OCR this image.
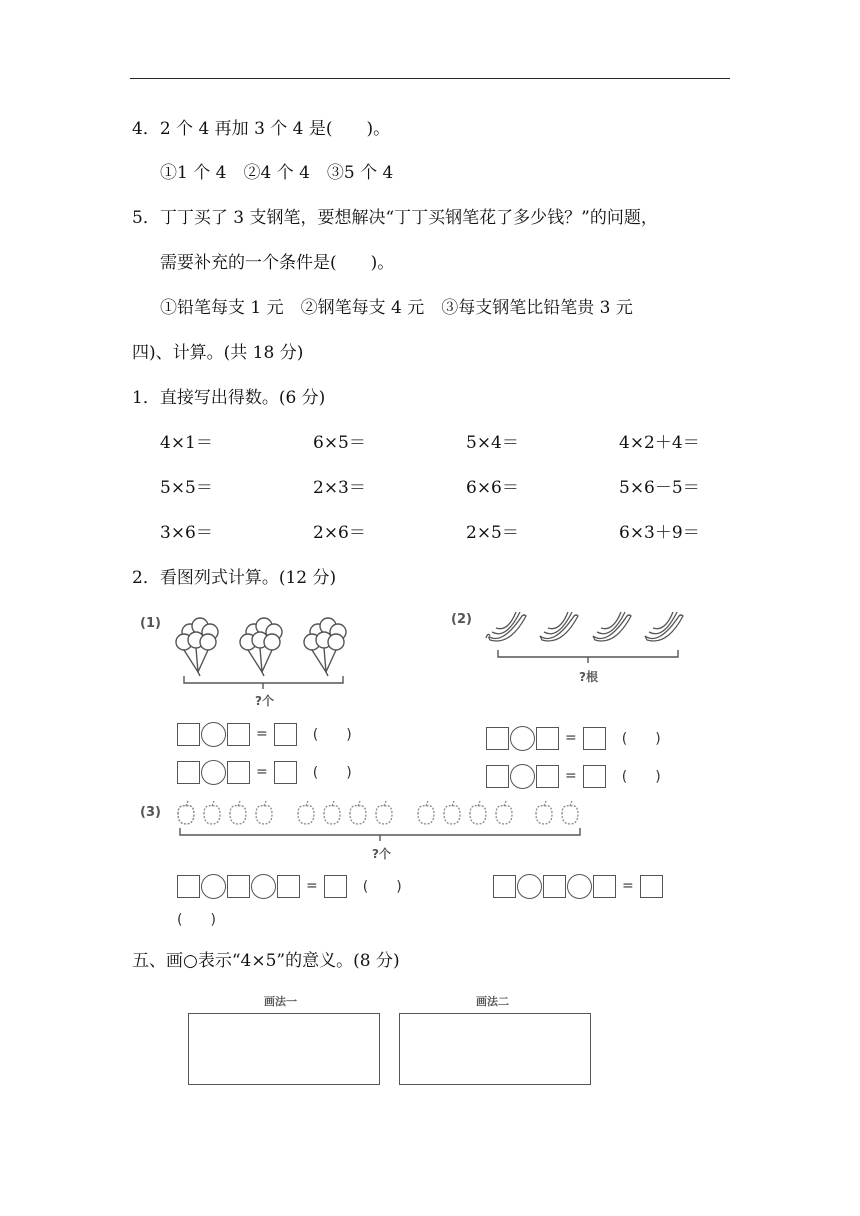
4．2 个 4 再加 3 个 4 是(　　)。
①1 个 4　②4 个 4　③5 个 4
5．丁丁买了 3 支钢笔，要想解决“丁丁买钢笔花了多少钱？”的问题，
需要补充的一个条件是(　　)。
①铅笔每支 1 元　②钢笔每支 4 元　③每支钢笔比铅笔贵 3 元
四)、计算。(共 18 分)
1．直接写出得数。(6 分)
4×1＝	6×5＝	5×4＝	4×2＋4＝
5×5＝	2×3＝	6×6＝	5×6－5＝
3×6＝	2×6＝	2×5＝	6×3＋9＝
2．看图列式计算。(12 分)
(1)
?个
=	(　　)
=	(　　)
(2)
?根
=	(　　)
=	(　　)
(3)
?个
=	(　　)	=
(　　)
五、画○表示“4×5”的意义。(8 分)
画法一	画法二
